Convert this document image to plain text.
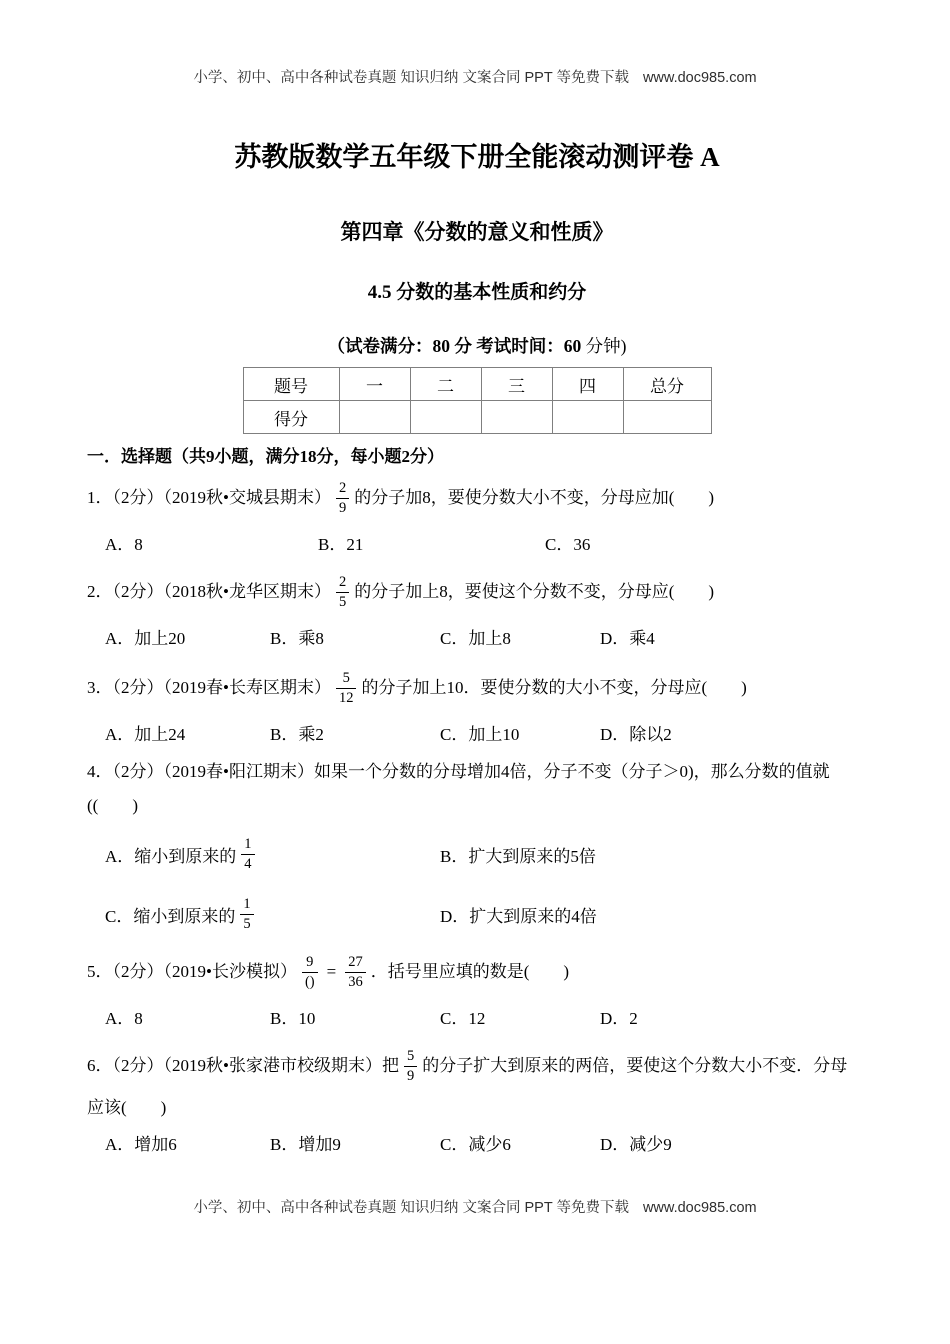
小学、初中、高中各种试卷真题 知识归纳 文案合同 PPT 等免费下载 www.doc985.com
苏教版数学五年级下册全能滚动测评卷 A
第四章《分数的意义和性质》
4.5 分数的基本性质和约分
（试卷满分：80 分 考试时间：60 分钟)
题号	一	二	三	四	总分
得分					
一．选择题（共9小题，满分18分，每小题2分）
1．（2分）（2019秋•交城县期末） $\frac{2}{9}$ 的分子加8，要使分数大小不变，分母应加(　　)
A．8	B．21	C．36
2．（2分）（2018秋•龙华区期末） $\frac{2}{5}$ 的分子加上8，要使这个分数不变，分母应(　　)
A．加上20	B．乘8	C．加上8	D．乘4
3．（2分）（2019春•长寿区期末） $\frac{5}{12}$ 的分子加上10．要使分数的大小不变，分母应(　　)
A．加上24	B．乘2	C．加上10	D．除以2
4．（2分）（2019春•阳江期末）如果一个分数的分母增加4倍，分子不变（分子＞0)，那么分数的值就
((　　)
A．缩小到原来的 $\frac{1}{4}$	B．扩大到原来的5倍
C．缩小到原来的 $\frac{1}{5}$	D．扩大到原来的4倍
5．（2分）（2019•长沙模拟） $\frac{9}{()} = \frac{27}{36}$ ．括号里应填的数是(　　)
A．8	B．10	C．12	D．2
6．（2分）（2019秋•张家港市校级期末）把 $\frac{5}{9}$ 的分子扩大到原来的两倍，要使这个分数大小不变．分母
应该(　　)
A．增加6	B．增加9	C．减少6	D．减少9
小学、初中、高中各种试卷真题 知识归纳 文案合同 PPT 等免费下载 www.doc985.com
